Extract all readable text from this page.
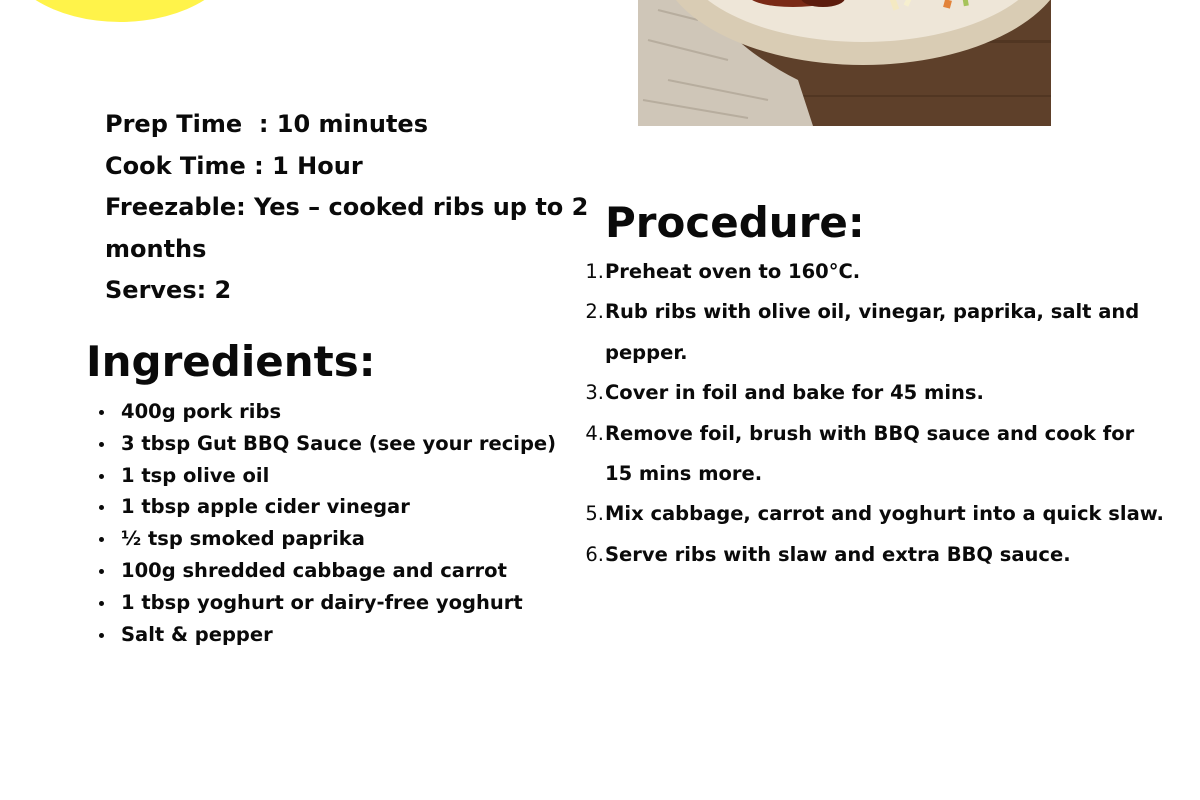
Prep Time  : 10 minutes

Cook Time : 1 Hour

Freezable: Yes – cooked ribs up to 2 months

Serves: 2

Ingredients:
400g pork ribs
3 tbsp Gut BBQ Sauce (see your recipe)
1 tsp olive oil
1 tbsp apple cider vinegar
½ tsp smoked paprika
100g shredded cabbage and carrot
1 tbsp yoghurt or dairy-free yoghurt
Salt & pepper
Procedure:
1. Preheat oven to 160°C.
2. Rub ribs with olive oil, vinegar, paprika, salt and pepper.
3. Cover in foil and bake for 45 mins.
4. Remove foil, brush with BBQ sauce and cook for 15 mins more.
5. Mix cabbage, carrot and yoghurt into a quick slaw.
6. Serve ribs with slaw and extra BBQ sauce.
